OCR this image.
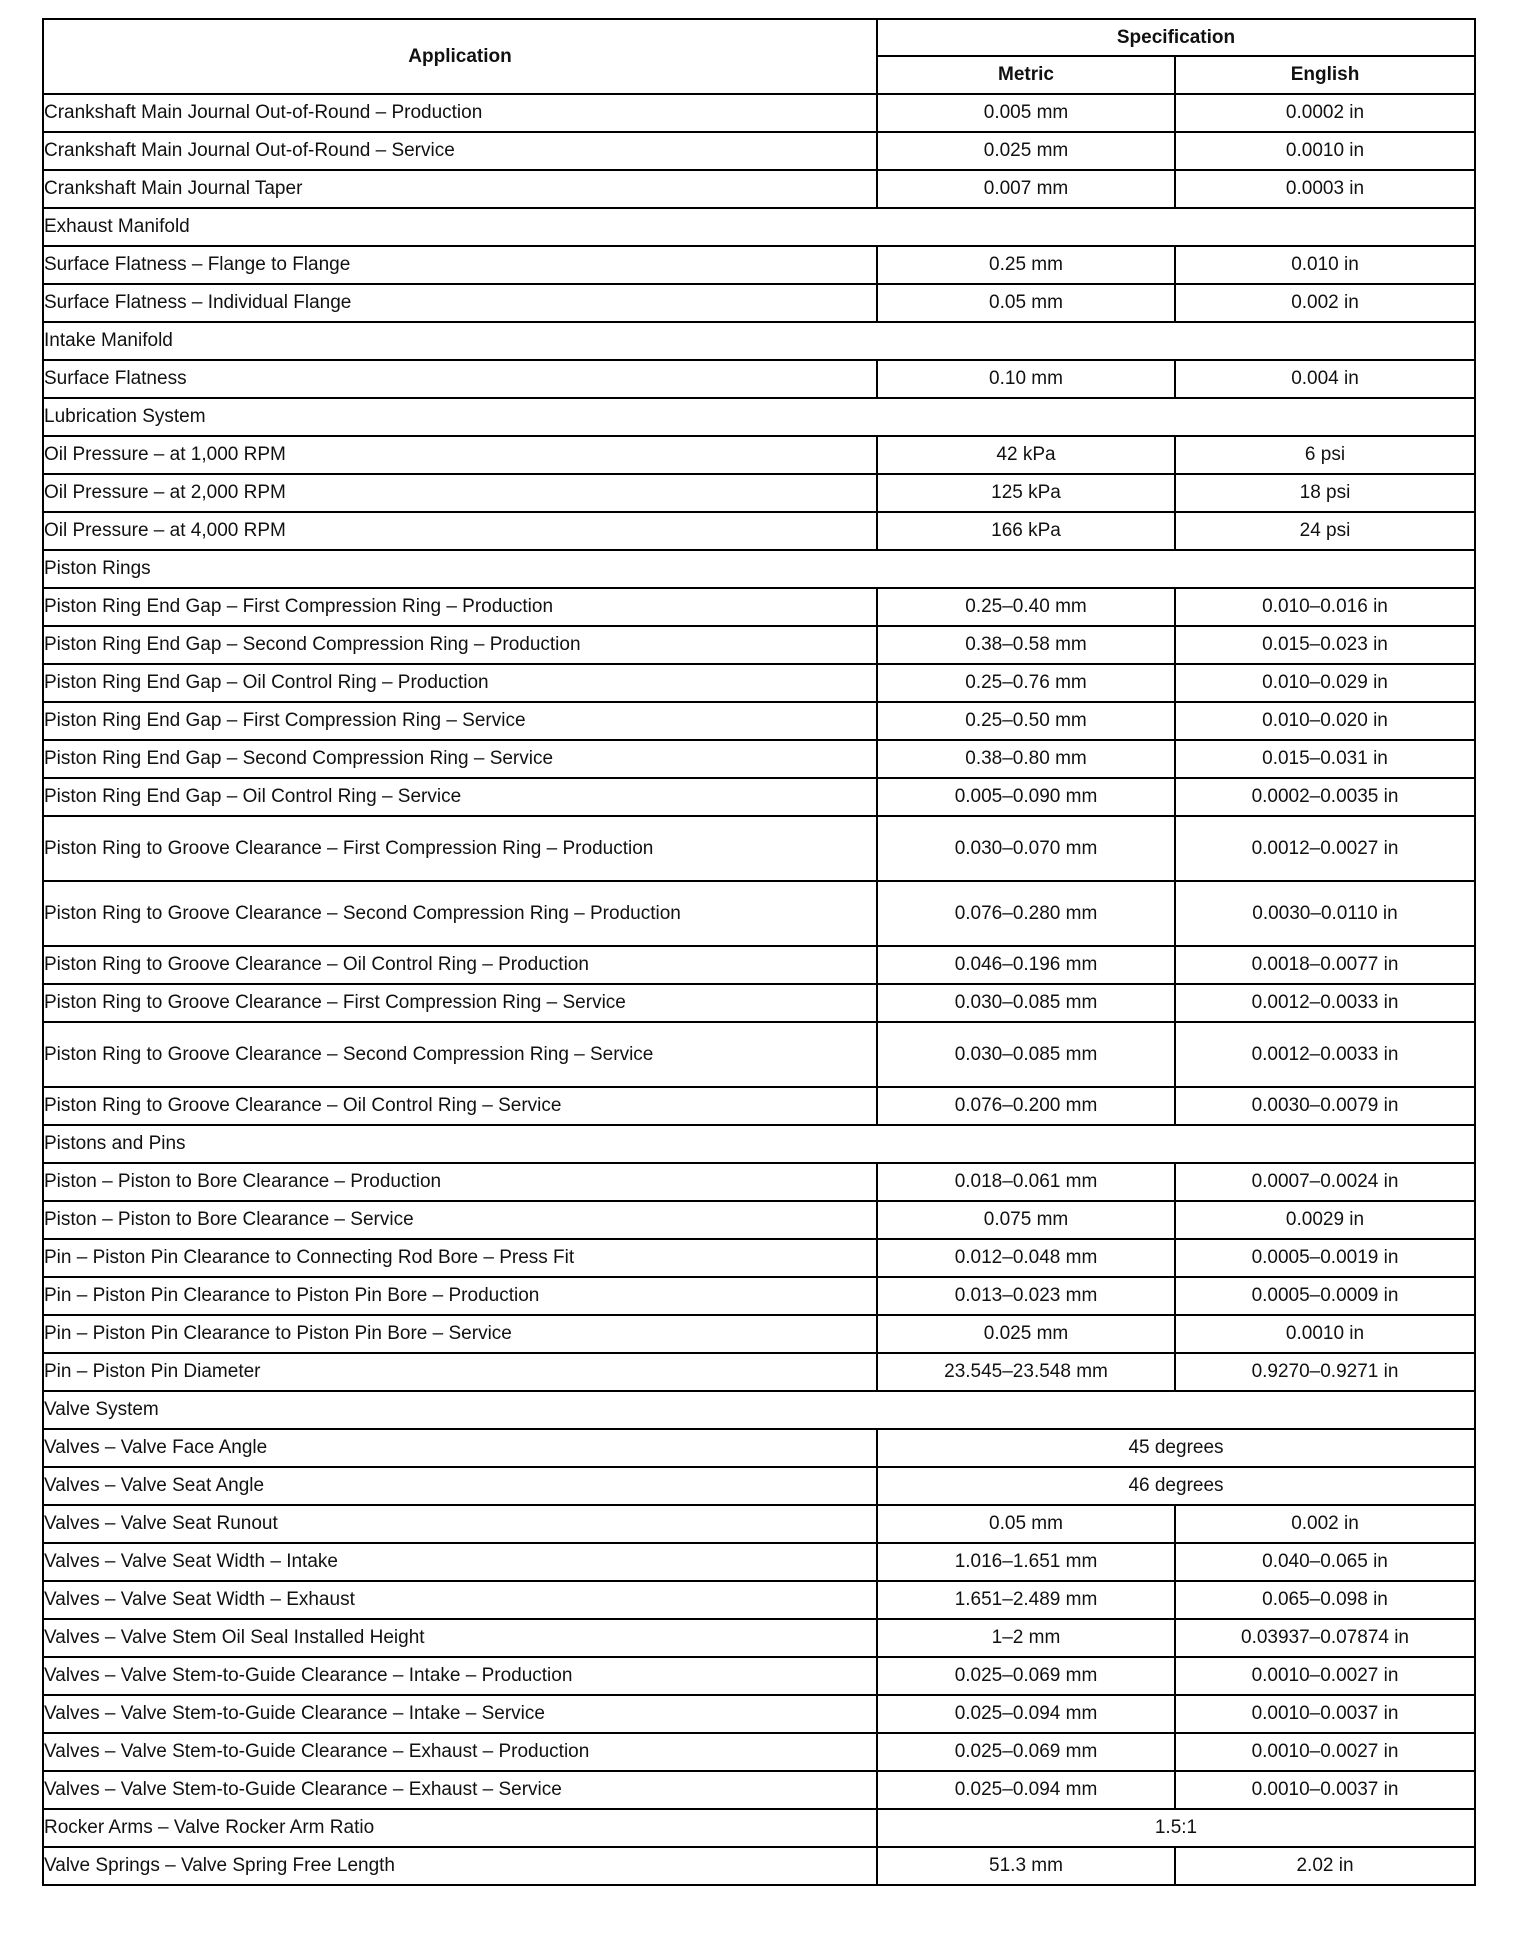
Application	Specification	
	Metric	English
Crankshaft Main Journal Out-of-Round – Production	0.005 mm	0.0002 in
Crankshaft Main Journal Out-of-Round – Service	0.025 mm	0.0010 in
Crankshaft Main Journal Taper	0.007 mm	0.0003 in
Exhaust Manifold		
Surface Flatness – Flange to Flange	0.25 mm	0.010 in
Surface Flatness – Individual Flange	0.05 mm	0.002 in
Intake Manifold		
Surface Flatness	0.10 mm	0.004 in
Lubrication System		
Oil Pressure – at 1,000 RPM	42 kPa	6 psi
Oil Pressure – at 2,000 RPM	125 kPa	18 psi
Oil Pressure – at 4,000 RPM	166 kPa	24 psi
Piston Rings		
Piston Ring End Gap – First Compression Ring – Production	0.25–0.40 mm	0.010–0.016 in
Piston Ring End Gap – Second Compression Ring – Production	0.38–0.58 mm	0.015–0.023 in
Piston Ring End Gap – Oil Control Ring – Production	0.25–0.76 mm	0.010–0.029 in
Piston Ring End Gap – First Compression Ring – Service	0.25–0.50 mm	0.010–0.020 in
Piston Ring End Gap – Second Compression Ring – Service	0.38–0.80 mm	0.015–0.031 in
Piston Ring End Gap – Oil Control Ring – Service	0.005–0.090 mm	0.0002–0.0035 in
Piston Ring to Groove Clearance – First Compression Ring – Production	0.030–0.070 mm	0.0012–0.0027 in
Piston Ring to Groove Clearance – Second Compression Ring – Production	0.076–0.280 mm	0.0030–0.0110 in
Piston Ring to Groove Clearance – Oil Control Ring – Production	0.046–0.196 mm	0.0018–0.0077 in
Piston Ring to Groove Clearance – First Compression Ring – Service	0.030–0.085 mm	0.0012–0.0033 in
Piston Ring to Groove Clearance – Second Compression Ring – Service	0.030–0.085 mm	0.0012–0.0033 in
Piston Ring to Groove Clearance – Oil Control Ring – Service	0.076–0.200 mm	0.0030–0.0079 in
Pistons and Pins		
Piston – Piston to Bore Clearance – Production	0.018–0.061 mm	0.0007–0.0024 in
Piston – Piston to Bore Clearance – Service	0.075 mm	0.0029 in
Pin – Piston Pin Clearance to Connecting Rod Bore – Press Fit	0.012–0.048 mm	0.0005–0.0019 in
Pin – Piston Pin Clearance to Piston Pin Bore – Production	0.013–0.023 mm	0.0005–0.0009 in
Pin – Piston Pin Clearance to Piston Pin Bore – Service	0.025 mm	0.0010 in
Pin – Piston Pin Diameter	23.545–23.548 mm	0.9270–0.9271 in
Valve System		
Valves – Valve Face Angle	45 degrees	
Valves – Valve Seat Angle	46 degrees	
Valves – Valve Seat Runout	0.05 mm	0.002 in
Valves – Valve Seat Width – Intake	1.016–1.651 mm	0.040–0.065 in
Valves – Valve Seat Width – Exhaust	1.651–2.489 mm	0.065–0.098 in
Valves – Valve Stem Oil Seal Installed Height	1–2 mm	0.03937–0.07874 in
Valves – Valve Stem-to-Guide Clearance – Intake – Production	0.025–0.069 mm	0.0010–0.0027 in
Valves – Valve Stem-to-Guide Clearance – Intake – Service	0.025–0.094 mm	0.0010–0.0037 in
Valves – Valve Stem-to-Guide Clearance – Exhaust – Production	0.025–0.069 mm	0.0010–0.0027 in
Valves – Valve Stem-to-Guide Clearance – Exhaust – Service	0.025–0.094 mm	0.0010–0.0037 in
Rocker Arms – Valve Rocker Arm Ratio	1.5:1	
Valve Springs – Valve Spring Free Length	51.3 mm	2.02 in
